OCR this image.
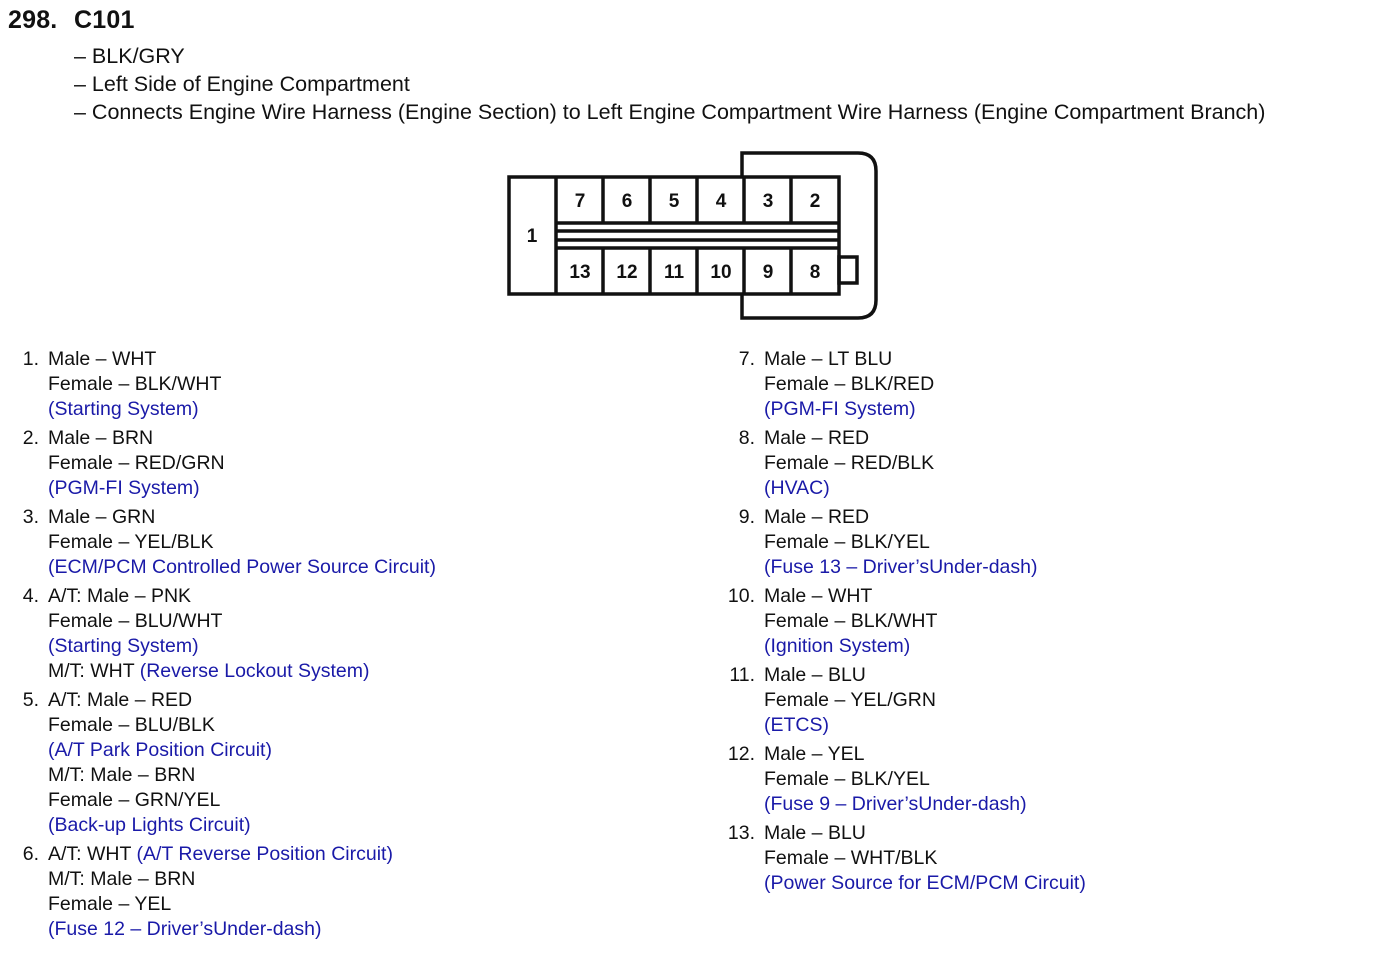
298. C101
– BLK/GRY
– Left Side of Engine Compartment
– Connects Engine Wire Harness (Engine Section) to Left Engine Compartment Wire Harness (Engine Compartment Branch)
1
7 6 5 4 3 2
13 12 11 10 9 8
1. Male – WHT
Female – BLK/WHT
(Starting System)
2. Male – BRN
Female – RED/GRN
(PGM-FI System)
3. Male – GRN
Female – YEL/BLK
(ECM/PCM Controlled Power Source Circuit)
4. A/T: Male – PNK
Female – BLU/WHT
(Starting System)
M/T: WHT (Reverse Lockout System)
5. A/T: Male – RED
Female – BLU/BLK
(A/T Park Position Circuit)
M/T: Male – BRN
Female – GRN/YEL
(Back-up Lights Circuit)
6. A/T: WHT (A/T Reverse Position Circuit)
M/T: Male – BRN
Female – YEL
(Fuse 12 – Driver’sUnder-dash)
7. Male – LT BLU
Female – BLK/RED
(PGM-FI System)
8. Male – RED
Female – RED/BLK
(HVAC)
9. Male – RED
Female – BLK/YEL
(Fuse 13 – Driver’sUnder-dash)
10. Male – WHT
Female – BLK/WHT
(Ignition System)
11. Male – BLU
Female – YEL/GRN
(ETCS)
12. Male – YEL
Female – BLK/YEL
(Fuse 9 – Driver’sUnder-dash)
13. Male – BLU
Female – WHT/BLK
(Power Source for ECM/PCM Circuit)
